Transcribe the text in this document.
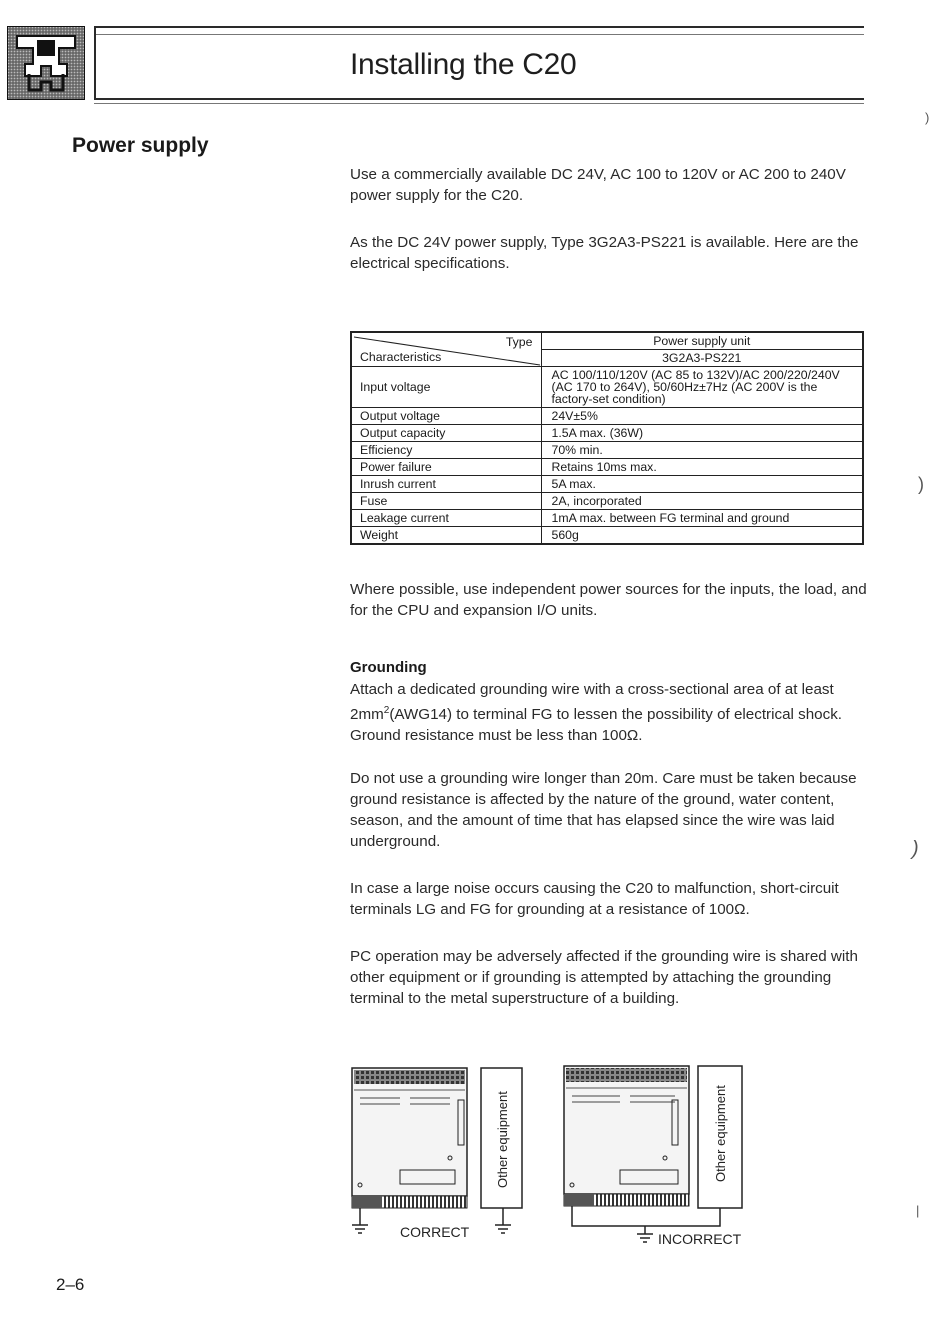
Installing the C20
Power supply

Use a commercially available DC 24V, AC 100 to 120V or AC 200 to 240V power supply for the C20.

As the DC 24V power supply, Type 3G2A3-PS221 is available. Here are the electrical specifications.

Type
Characteristics	Power supply unit
	3G2A3-PS221
Input voltage	AC 100/110/120V (AC 85 to 132V)/AC 200/220/240V
(AC 170 to 264V), 50/60Hz±7Hz (AC 200V is the
factory-set condition)

Output voltage	24V±5%
Output capacity	1.5A max. (36W)
Efficiency	70% min.
Power failure	Retains 10ms max.
Inrush current	5A max.
Fuse	2A, incorporated
Leakage current	1mA max. between FG terminal and ground
Weight	560g

Where possible, use independent power sources for the inputs, the load, and for the CPU and expansion I/O units.

Grounding

Attach a dedicated grounding wire with a cross-sectional area of at least $2mm^2(AWG14)$ to terminal FG to lessen the possibility of electrical shock. Ground resistance must be less than 100Ω.

Do not use a grounding wire longer than 20m. Care must be taken because ground resistance is affected by the nature of the ground, water content, season, and the amount of time that has elapsed since the wire was laid underground.

In case a large noise occurs causing the C20 to malfunction, short-circuit terminals LG and FG for grounding at a resistance of 100Ω.

PC operation may be adversely affected if the grounding wire is shared with other equipment or if grounding is attempted by attaching the grounding terminal to the metal superstructure of a building.

Other equipment
CORRECT
Other equipment
INCORRECT
2–6
)
)
)
|
|
